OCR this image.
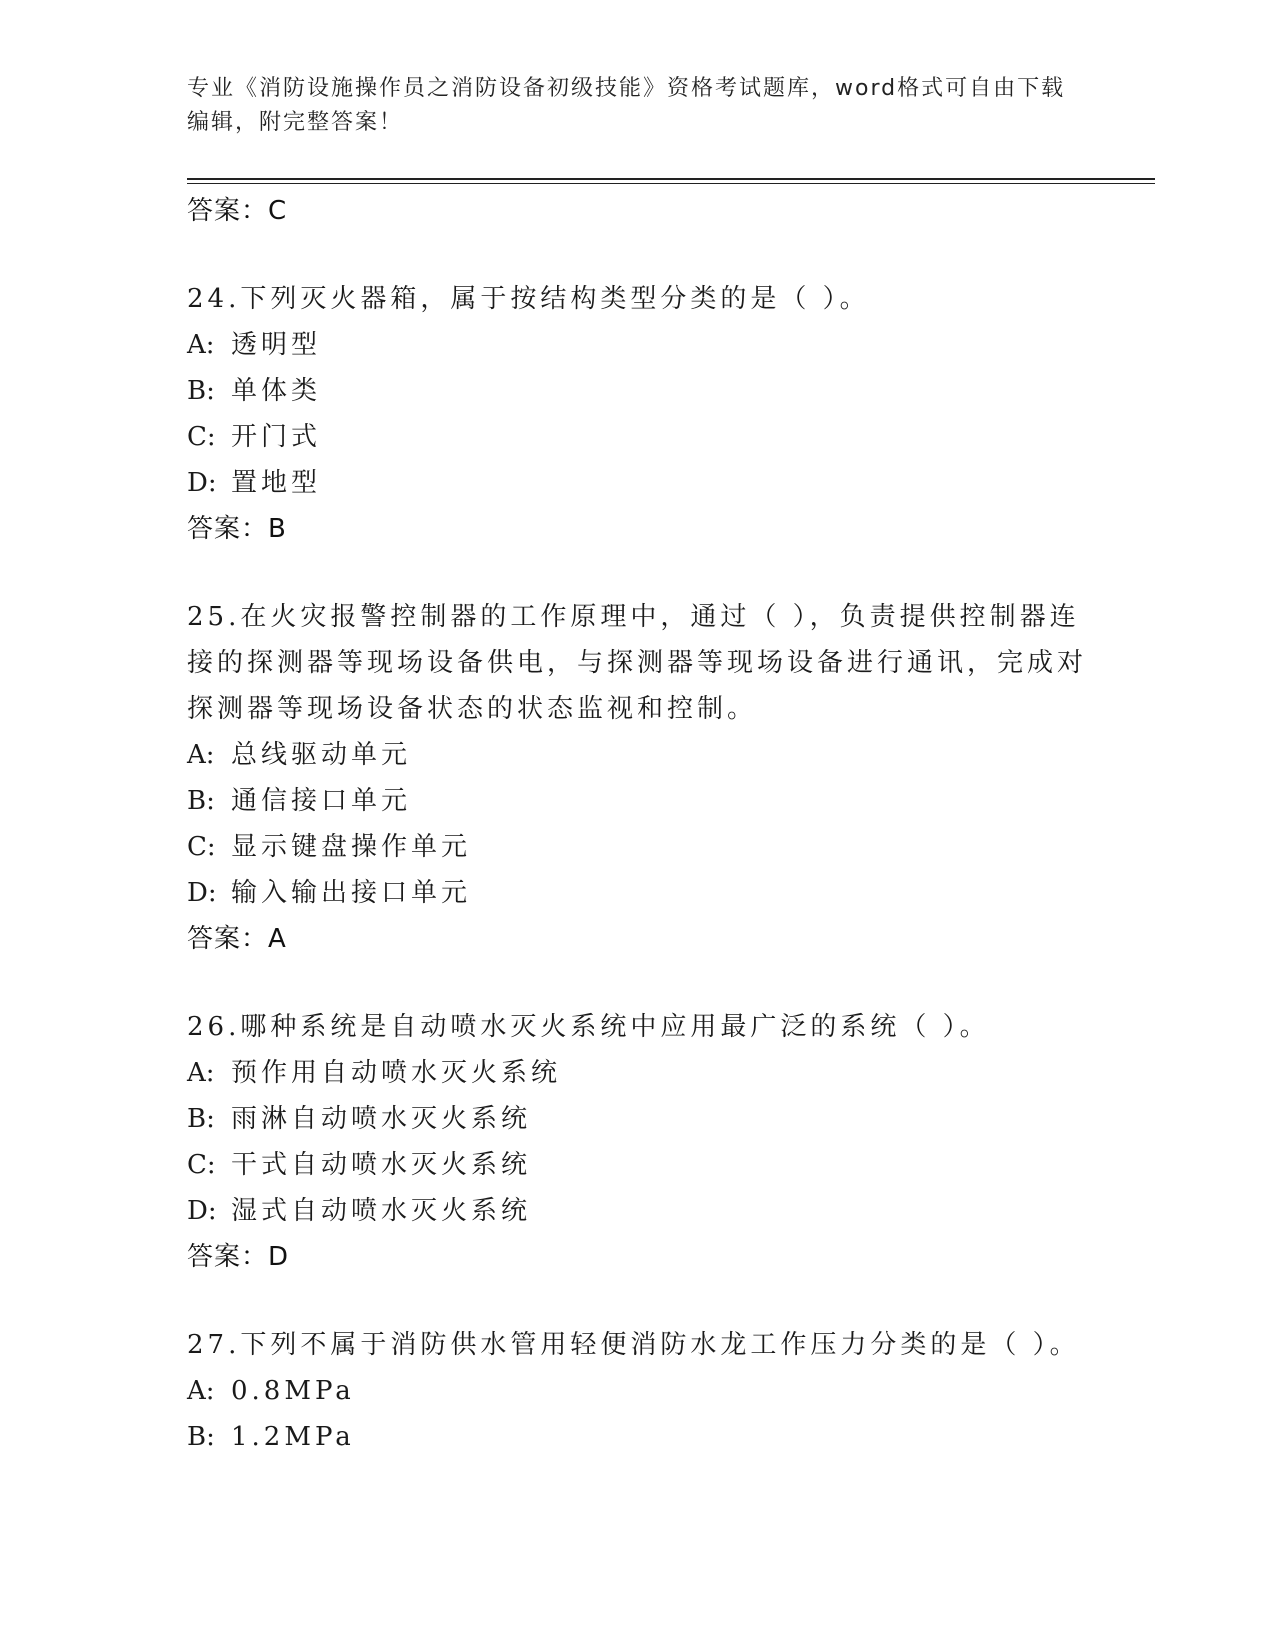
专业《消防设施操作员之消防设备初级技能》资格考试题库，word格式可自由下载编辑，附完整答案！
答案：C

24.下列灭火器箱，属于按结构类型分类的是（ ）。

A: 透明型
B: 单体类
C: 开门式
D: 置地型
答案：B

25.在火灾报警控制器的工作原理中，通过（ ），负责提供控制器连接的探测器等现场设备供电，与探测器等现场设备进行通讯，完成对探测器等现场设备状态的状态监视和控制。

A: 总线驱动单元
B: 通信接口单元
C: 显示键盘操作单元
D: 输入输出接口单元
答案：A

26.哪种系统是自动喷水灭火系统中应用最广泛的系统（ ）。

A: 预作用自动喷水灭火系统
B: 雨淋自动喷水灭火系统
C: 干式自动喷水灭火系统
D: 湿式自动喷水灭火系统
答案：D

27.下列不属于消防供水管用轻便消防水龙工作压力分类的是（ ）。

A: 0.8MPa
B: 1.2MPa
